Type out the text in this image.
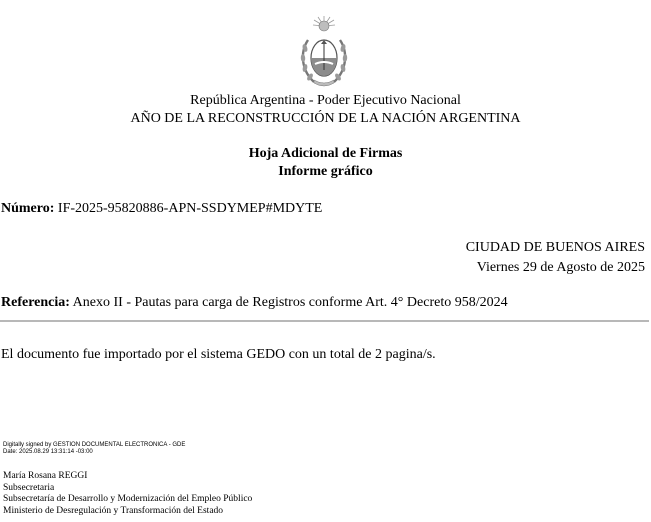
República Argentina - Poder Ejecutivo Nacional
AÑO DE LA RECONSTRUCCIÓN DE LA NACIÓN ARGENTINA
Hoja Adicional de Firmas
Informe gráfico
Número: IF-2025-95820886-APN-SSDYMEP#MDYTE
CIUDAD DE BUENOS AIRES
Viernes 29 de Agosto de 2025
Referencia: Anexo II - Pautas para carga de Registros conforme Art. 4° Decreto 958/2024
El documento fue importado por el sistema GEDO con un total de 2 pagina/s.
Digitally signed by GESTION DOCUMENTAL ELECTRONICA - GDE
Date: 2025.08.29 13:31:14 -03:00
María Rosana REGGI
Subsecretaria
Subsecretaría de Desarrollo y Modernización del Empleo Público
Ministerio de Desregulación y Transformación del Estado
